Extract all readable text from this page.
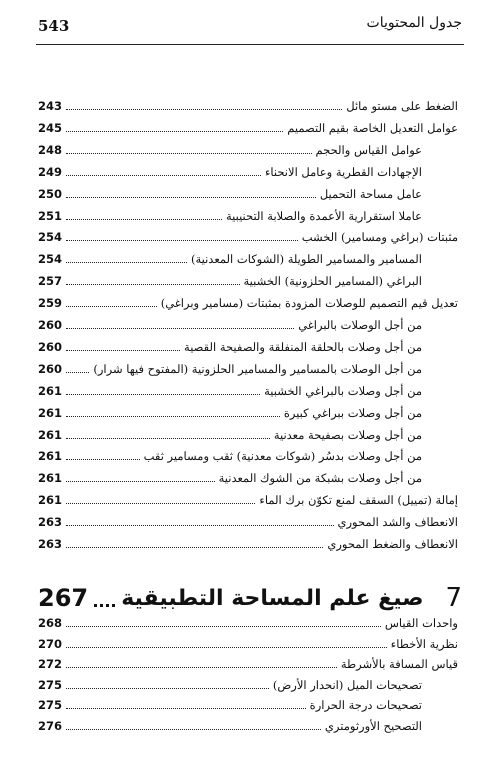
543	جدول المحتويات
243	الضغط على مستو مائل
245	عوامل التعديل الخاصة بقيم التصميم
248	عوامل القياس والحجم
249	الإجهادات القطرية وعامل الانحناء
250	عامل مساحة التحميل
251	عاملا استقرارية الأعمدة والصلابة التحنيبية
254	مثبتات (براغي ومسامير) الخشب
254	المسامير والمسامير الطويلة (الشوكات المعدنية)
257	البراغي (المسامير الحلزونية) الخشبية
259	تعديل قيم التصميم للوصلات المزودة بمثبتات (مسامير وبراغي)
260	من أجل الوصلات بالبراغي
260	من أجل وصلات بالحلقة المنفلقة والصفيحة القصية
260	من أجل الوصلات بالمسامير والمسامير الحلزونية (المفتوح فيها شرار)
261	من أجل وصلات بالبراغي الخشبية
261	من أجل وصلات ببراغي كبيرة
261	من أجل وصلات بصفيحة معدنية
261	من أجل وصلات بدسُر (شوكات معدنية) ثقب ومسامير ثقب
261	من أجل وصلات بشبكة من الشوك المعدنية
261	إمالة (تمييل) السقف لمنع تكوّن برك الماء
263	الانعطاف والشد المحوري
263	الانعطاف والضغط المحوري
267 صيغ علم المساحة التطبيقية 7
268	واحدات القياس
270	نظرية الأخطاء
272	قياس المسافة بالأشرطة
275	تصحيحات الميل (انحدار الأرض)
275	تصحيحات درجة الحرارة
276	التصحيح الأورثومتري
